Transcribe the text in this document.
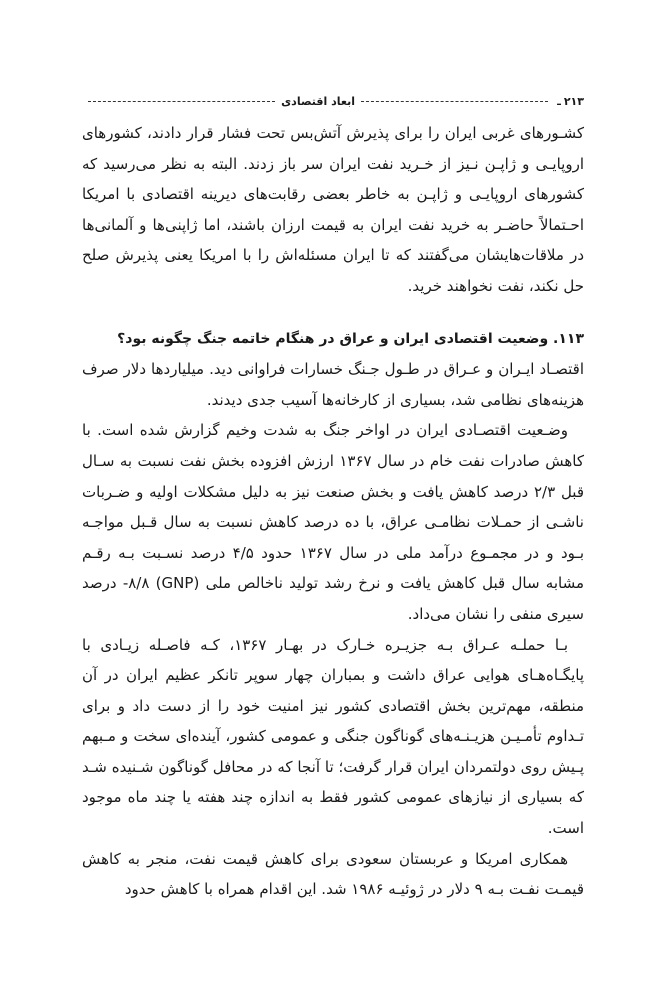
۲۱۳
ـ
ابعاد اقتصادی

کشـورهای غربی ایران را برای پذیرش آتش‌بس تحت فشار قرار دادند، کشورهای اروپایـی و ژاپـن نـیز از خـرید نفت ایران سر باز زدند. البته به نظر می‌رسید که کشورهای اروپایـی و ژاپـن به خاطر بعضی رقابت‌های دیرینه اقتصادی با امریکا احـتمالاً حاضـر به خرید نفت ایران به قیمت ارزان باشند، اما ژاپنی‌ها و آلمانی‌ها در ملاقات‌هایشان می‌گفتند که تا ایران مسئله‌اش را با امریکا یعنی پذیرش صلح حل نکند، نفت نخواهند خرید.

۱۱۳. وضعیت اقتصادی ایران و عراق در هنگام خاتمه جنگ چگونه بود؟

اقتصـاد ایـران و عـراق در طـول جـنگ خسارات فراوانی دید. میلیاردها دلار صرف هزینه‌های نظامی شد، بسیاری از کارخانه‌ها آسیب جدی دیدند.

وضـعیت اقتصـادی ایران در اواخر جنگ به شدت وخیم گزارش شده است. با کاهش صادرات نفت خام در سال ۱۳۶۷ ارزش افزوده بخش نفت نسبت به سـال قبل ۲/۳ درصد کاهش یافت و بخش صنعت نیز به دلیل مشکلات اولیه و ضـربات ناشـی از حمـلات نظامـی عراق، با ده درصد کاهش نسبت به سال قـبل مواجـه بـود و در مجمـوع درآمد ملی در سال ۱۳۶۷ حدود ۴/۵ درصد نسـبت بـه رقـم مشابه سال قبل کاهش یافت و نرخ رشد تولید ناخالص ملی (GNP) ‎-۸/۸ درصد سیری منفی را نشان می‌داد.

بـا حملـه عـراق بـه جزیـره خـارک در بهـار ۱۳۶۷، کـه فاصـله زیـادی با پایگـاه‌هـای هوایی عراق داشت و بمباران چهار سوپر تانکر عظیم ایران در آن منطقه، مهم‌ترین بخش اقتصادی کشور نیز امنیت خود را از دست داد و برای تـداوم تأمـیـن هزیـنـه‌های گوناگون جنگی و عمومی کشور، آینده‌ای سخت و مـبهم پـیش روی دولتمردان ایران قرار گرفت؛ تا آنجا که در محافل گوناگون شـنیده شـد که بسیاری از نیازهای عمومی کشور فقط به اندازه چند هفته یا چند ماه موجود است.

همکاری امریکا و عربستان سعودی برای کاهش قیمت نفت، منجر به کاهش قیمـت نفـت بـه ۹ دلار در ژوئیـه ۱۹۸۶ شد. این اقدام همراه با کاهش حدود
